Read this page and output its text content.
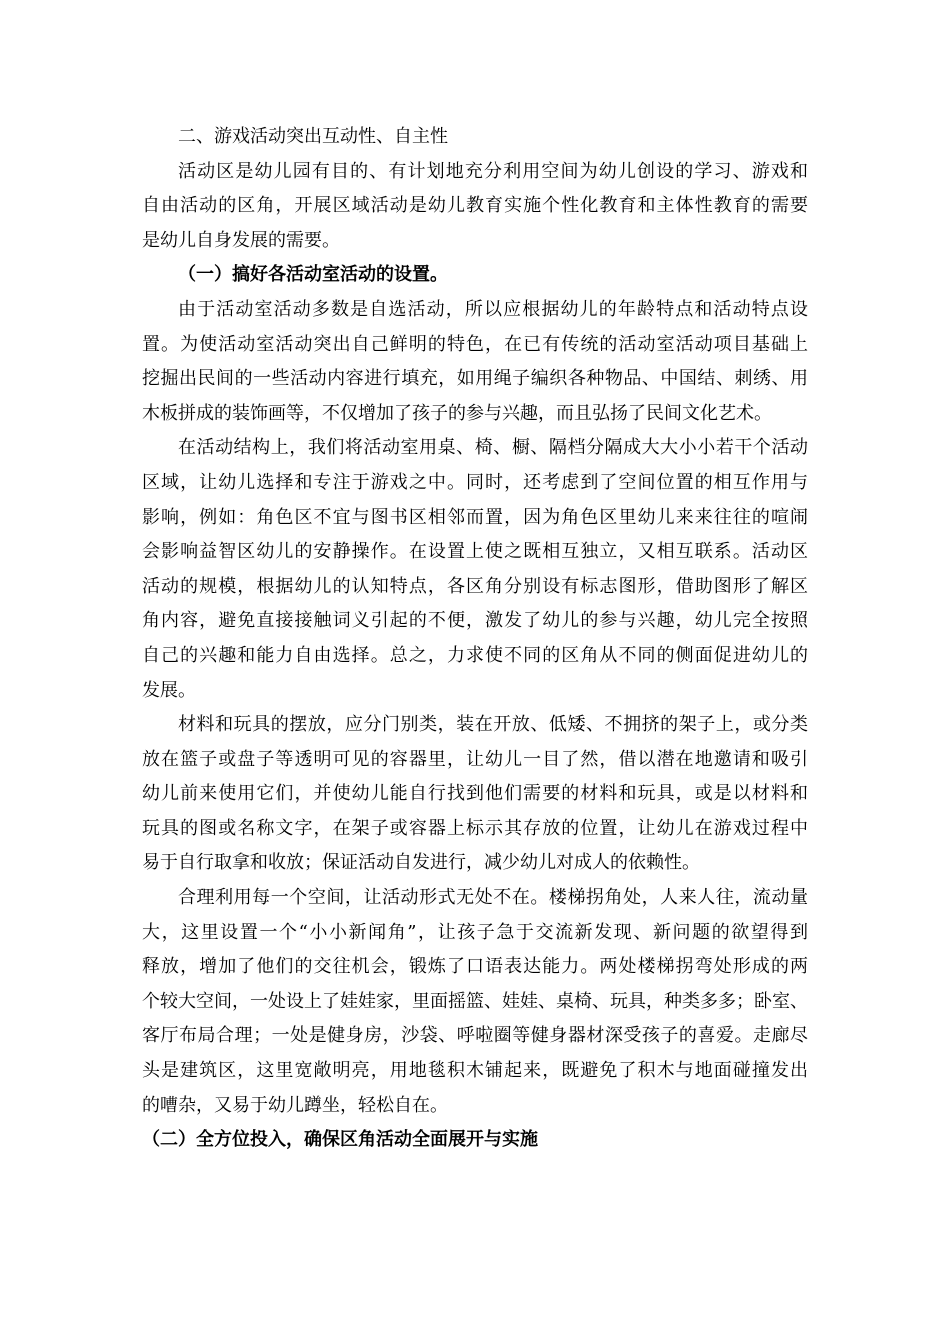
二、游戏活动突出互动性、自主性
活动区是幼儿园有目的、有计划地充分利用空间为幼儿创设的学习、游戏和
自由活动的区角，开展区域活动是幼儿教育实施个性化教育和主体性教育的需要
是幼儿自身发展的需要。
（一）搞好各活动室活动的设置。
由于活动室活动多数是自选活动，所以应根据幼儿的年龄特点和活动特点设
置。为使活动室活动突出自己鲜明的特色，在已有传统的活动室活动项目基础上
挖掘出民间的一些活动内容进行填充，如用绳子编织各种物品、中国结、刺绣、用
木板拼成的装饰画等，不仅增加了孩子的参与兴趣，而且弘扬了民间文化艺术。
在活动结构上，我们将活动室用桌、椅、橱、隔档分隔成大大小小若干个活动
区域，让幼儿选择和专注于游戏之中。同时，还考虑到了空间位置的相互作用与
影响，例如：角色区不宜与图书区相邻而置，因为角色区里幼儿来来往往的喧闹
会影响益智区幼儿的安静操作。在设置上使之既相互独立，又相互联系。活动区
活动的规模，根据幼儿的认知特点，各区角分别设有标志图形，借助图形了解区
角内容，避免直接接触词义引起的不便，激发了幼儿的参与兴趣，幼儿完全按照
自己的兴趣和能力自由选择。总之，力求使不同的区角从不同的侧面促进幼儿的
发展。
材料和玩具的摆放，应分门别类，装在开放、低矮、不拥挤的架子上，或分类
放在篮子或盘子等透明可见的容器里，让幼儿一目了然，借以潜在地邀请和吸引
幼儿前来使用它们，并使幼儿能自行找到他们需要的材料和玩具，或是以材料和
玩具的图或名称文字，在架子或容器上标示其存放的位置，让幼儿在游戏过程中
易于自行取拿和收放；保证活动自发进行，减少幼儿对成人的依赖性。
合理利用每一个空间，让活动形式无处不在。楼梯拐角处，人来人往，流动量
大，这里设置一个“小小新闻角”，让孩子急于交流新发现、新问题的欲望得到
释放，增加了他们的交往机会，锻炼了口语表达能力。两处楼梯拐弯处形成的两
个较大空间，一处设上了娃娃家，里面摇篮、娃娃、桌椅、玩具，种类多多；卧室、
客厅布局合理；一处是健身房，沙袋、呼啦圈等健身器材深受孩子的喜爱。走廊尽
头是建筑区，这里宽敞明亮，用地毯积木铺起来，既避免了积木与地面碰撞发出
的嘈杂，又易于幼儿蹲坐，轻松自在。
（二）全方位投入，确保区角活动全面展开与实施
